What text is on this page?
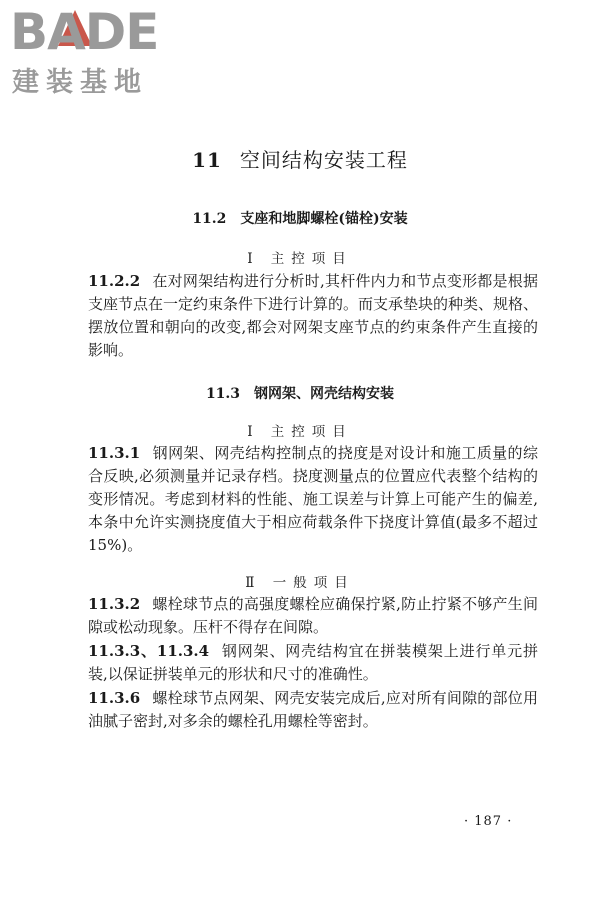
BADE
建装基地
11 空间结构安装工程
11.2 支座和地脚螺栓(锚栓)安装
Ⅰ 主控项目
11.2.2 在对网架结构进行分析时,其杆件内力和节点变形都是根据支座节点在一定约束条件下进行计算的。而支承垫块的种类、规格、摆放位置和朝向的改变,都会对网架支座节点的约束条件产生直接的影响。
11.3 钢网架、网壳结构安装
Ⅰ 主控项目
11.3.1 钢网架、网壳结构控制点的挠度是对设计和施工质量的综合反映,必须测量并记录存档。挠度测量点的位置应代表整个结构的变形情况。考虑到材料的性能、施工误差与计算上可能产生的偏差,本条中允许实测挠度值大于相应荷载条件下挠度计算值(最多不超过15%)。
Ⅱ 一般项目
11.3.2 螺栓球节点的高强度螺栓应确保拧紧,防止拧紧不够产生间隙或松动现象。压杆不得存在间隙。
11.3.3、11.3.4 钢网架、网壳结构宜在拼装模架上进行单元拼装,以保证拼装单元的形状和尺寸的准确性。
11.3.6 螺栓球节点网架、网壳安装完成后,应对所有间隙的部位用油腻子密封,对多余的螺栓孔用螺栓等密封。
· 187 ·
